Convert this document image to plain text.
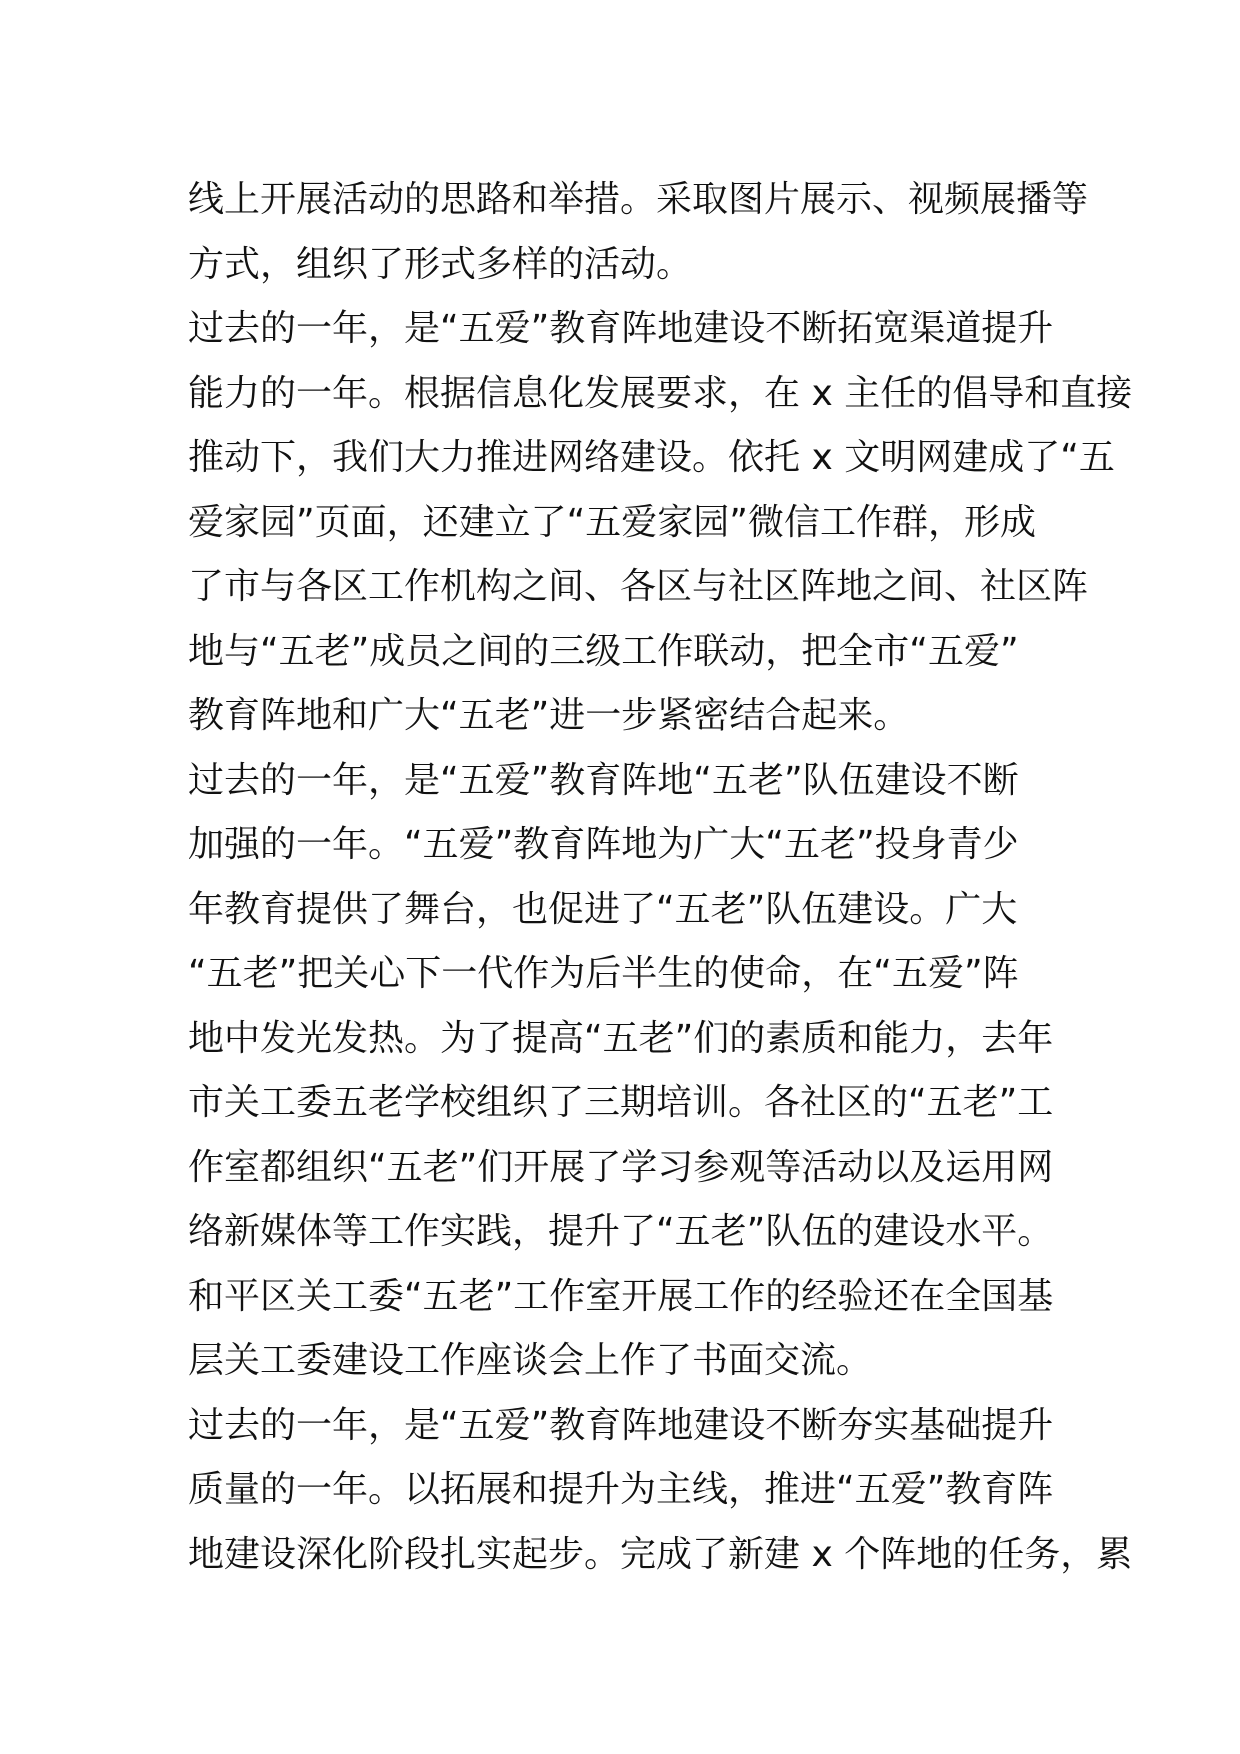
线上开展活动的思路和举措。采取图片展示、视频展播等
方式，组织了形式多样的活动。

过去的一年，是“五爱”教育阵地建设不断拓宽渠道提升
能力的一年。根据信息化发展要求，在 x 主任的倡导和直接
推动下，我们大力推进网络建设。依托 x 文明网建成了“五
爱家园”页面，还建立了“五爱家园”微信工作群，形成
了市与各区工作机构之间、各区与社区阵地之间、社区阵
地与“五老”成员之间的三级工作联动，把全市“五爱”
教育阵地和广大“五老”进一步紧密结合起来。

过去的一年，是“五爱”教育阵地“五老”队伍建设不断
加强的一年。“五爱”教育阵地为广大“五老”投身青少
年教育提供了舞台，也促进了“五老”队伍建设。广大
“五老”把关心下一代作为后半生的使命，在“五爱”阵
地中发光发热。为了提高“五老”们的素质和能力，去年
市关工委五老学校组织了三期培训。各社区的“五老”工
作室都组织“五老”们开展了学习参观等活动以及运用网
络新媒体等工作实践，提升了“五老”队伍的建设水平。
和平区关工委“五老”工作室开展工作的经验还在全国基
层关工委建设工作座谈会上作了书面交流。

过去的一年，是“五爱”教育阵地建设不断夯实基础提升
质量的一年。以拓展和提升为主线，推进“五爱”教育阵
地建设深化阶段扎实起步。完成了新建 x 个阵地的任务，累
